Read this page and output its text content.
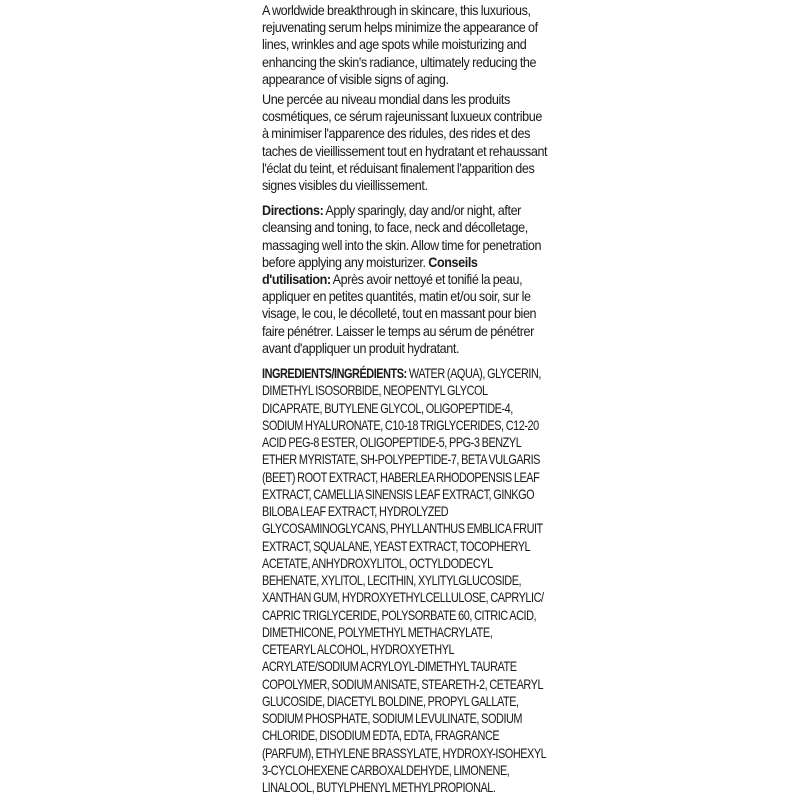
A worldwide breakthrough in skincare, this luxurious, rejuvenating serum helps minimize the appearance of lines, wrinkles and age spots while moisturizing and enhancing the skin's radiance, ultimately reducing the appearance of visible signs of aging.

Une percée au niveau mondial dans les produits cosmétiques, ce sérum rajeunissant luxueux contribue à minimiser l'apparence des ridules, des rides et des taches de vieillissement tout en hydratant et rehaussant l'éclat du teint, et réduisant finalement l'apparition des signes visibles du vieillissement.

Directions: Apply sparingly, day and/or night, after cleansing and toning, to face, neck and décolletage, massaging well into the skin. Allow time for penetration before applying any moisturizer. Conseils d'utilisation: Après avoir nettoyé et tonifié la peau, appliquer en petites quantités, matin et/ou soir, sur le visage, le cou, le décolleté, tout en massant pour bien faire pénétrer. Laisser le temps au sérum de pénétrer avant d'appliquer un produit hydratant.

INGREDIENTS/INGRÉDIENTS: WATER (AQUA), GLYCERIN, DIMETHYL ISOSORBIDE, NEOPENTYL GLYCOL DICAPRATE, BUTYLENE GLYCOL, OLIGOPEPTIDE-4, SODIUM HYALURONATE, C10-18 TRIGLYCERIDES, C12-20 ACID PEG-8 ESTER, OLIGOPEPTIDE-5, PPG-3 BENZYL ETHER MYRISTATE, SH-POLYPEPTIDE-7, BETA VULGARIS (BEET) ROOT EXTRACT, HABERLEA RHODOPENSIS LEAF EXTRACT, CAMELLIA SINENSIS LEAF EXTRACT, GINKGO BILOBA LEAF EXTRACT, HYDROLYZED GLYCOSAMINOGLYCANS, PHYLLANTHUS EMBLICA FRUIT EXTRACT, SQUALANE, YEAST EXTRACT, TOCOPHERYL ACETATE, ANHYDROXYLITOL, OCTYLDODECYL BEHENATE, XYLITOL, LECITHIN, XYLITYLGLUCOSIDE, XANTHAN GUM, HYDROXYETHYLCELLULOSE, CAPRYLIC/ CAPRIC TRIGLYCERIDE, POLYSORBATE 60, CITRIC ACID, DIMETHICONE, POLYMETHYL METHACRYLATE, CETEARYL ALCOHOL, HYDROXYETHYL ACRYLATE/SODIUM ACRYLOYL-DIMETHYL TAURATE COPOLYMER, SODIUM ANISATE, STEARETH-2, CETEARYL GLUCOSIDE, DIACETYL BOLDINE, PROPYL GALLATE, SODIUM PHOSPHATE, SODIUM LEVULINATE, SODIUM CHLORIDE, DISODIUM EDTA, EDTA, FRAGRANCE (PARFUM), ETHYLENE BRASSYLATE, HYDROXY-ISOHEXYL 3-CYCLOHEXENE CARBOXALDEHYDE, LIMONENE, LINALOOL, BUTYLPHENYL METHYLPROPIONAL.
